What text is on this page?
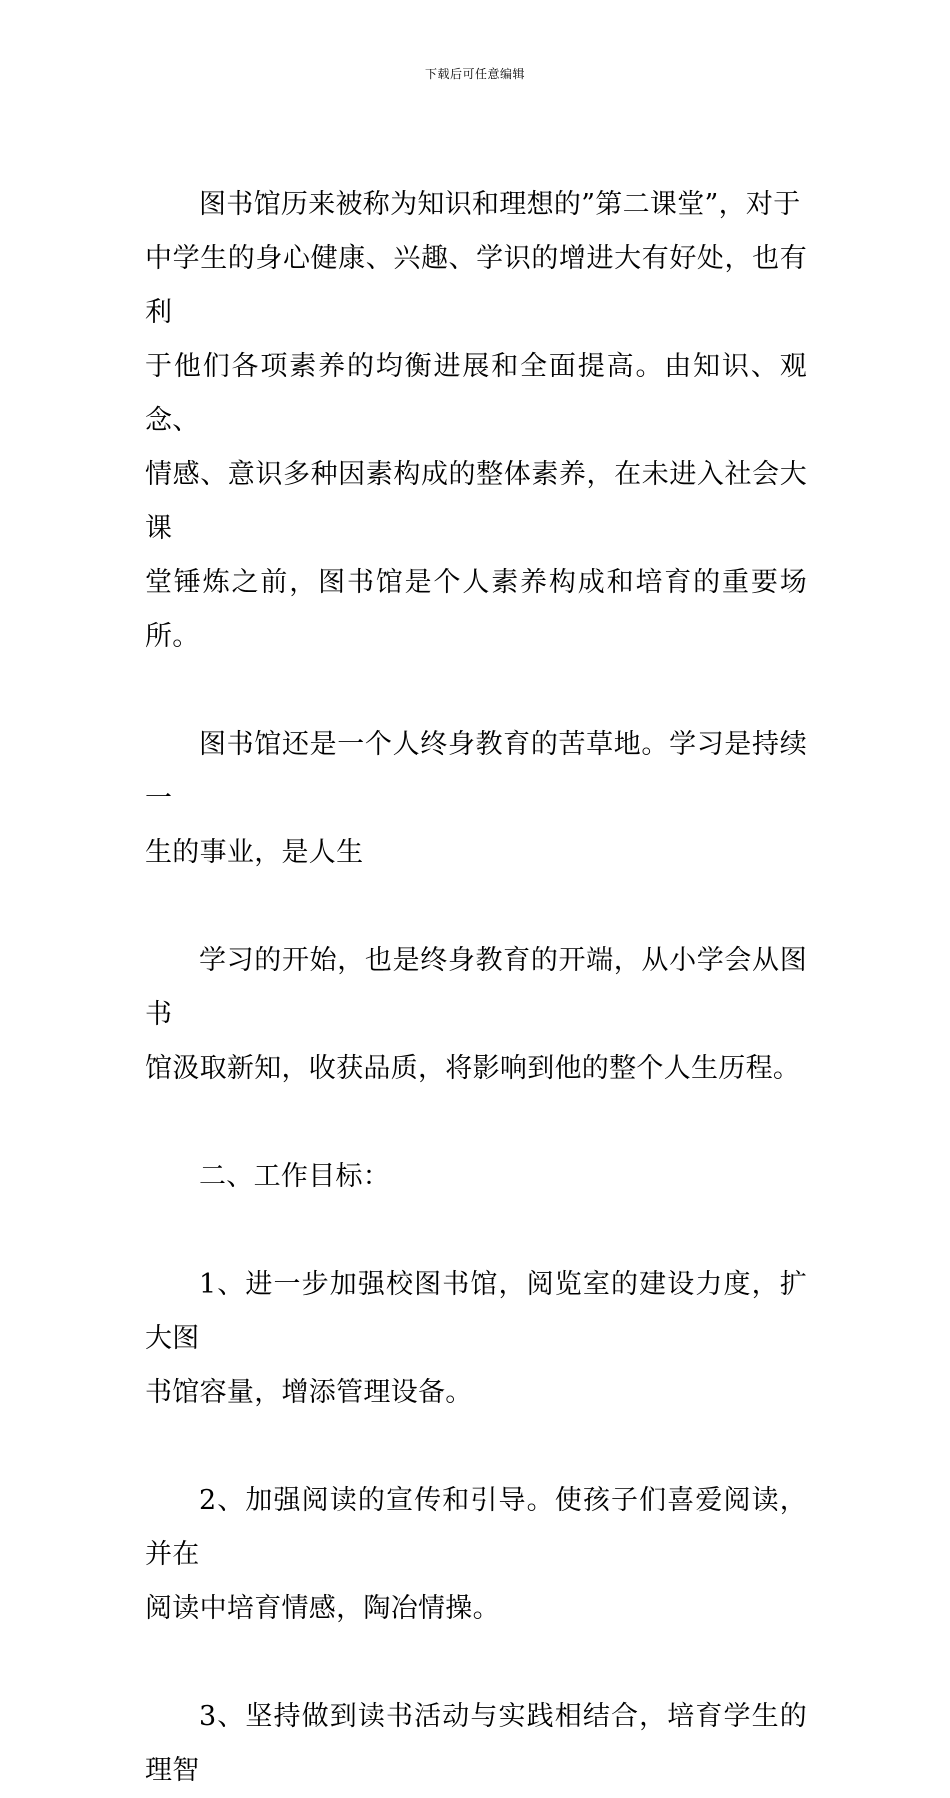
下载后可任意编辑

图书馆历来被称为知识和理想的”第二课堂”，对于
中学生的身心健康、兴趣、学识的增进大有好处，也有利
于他们各项素养的均衡进展和全面提高。由知识、观念、
情感、意识多种因素构成的整体素养，在未进入社会大课
堂锤炼之前，图书馆是个人素养构成和培育的重要场所。

图书馆还是一个人终身教育的苦草地。学习是持续一
生的事业，是人生

学习的开始，也是终身教育的开端，从小学会从图书
馆汲取新知，收获品质，将影响到他的整个人生历程。

二、工作目标：

1、进一步加强校图书馆，阅览室的建设力度，扩大图
书馆容量，增添管理设备。

2、加强阅读的宣传和引导。使孩子们喜爱阅读，并在
阅读中培育情感，陶冶情操。

3、坚持做到读书活动与实践相结合，培育学生的理智
